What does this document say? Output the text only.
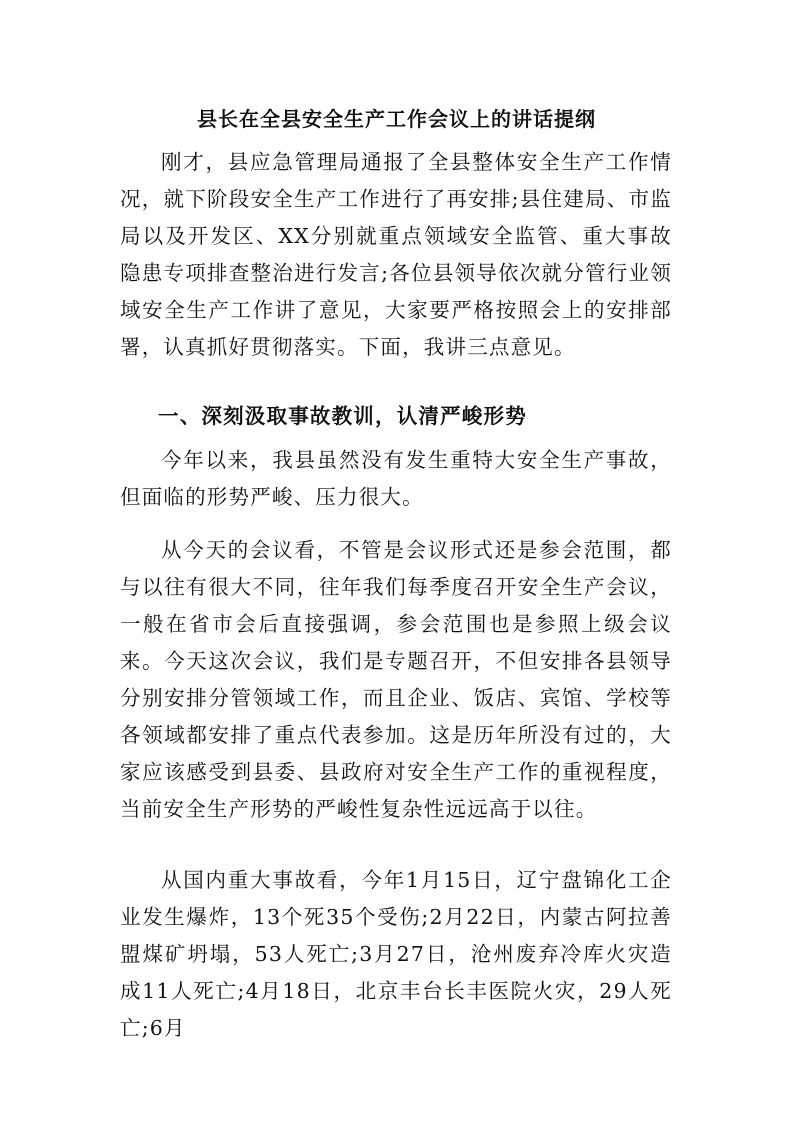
县长在全县安全生产工作会议上的讲话提纲
刚才，县应急管理局通报了全县整体安全生产工作情况，就下阶段安全生产工作进行了再安排;县住建局、市监局以及开发区、XX分别就重点领域安全监管、重大事故隐患专项排查整治进行发言;各位县领导依次就分管行业领域安全生产工作讲了意见，大家要严格按照会上的安排部署，认真抓好贯彻落实。下面，我讲三点意见。
一、深刻汲取事故教训，认清严峻形势
今年以来，我县虽然没有发生重特大安全生产事故，但面临的形势严峻、压力很大。
从今天的会议看，不管是会议形式还是参会范围，都与以往有很大不同，往年我们每季度召开安全生产会议，一般在省市会后直接强调，参会范围也是参照上级会议来。今天这次会议，我们是专题召开，不但安排各县领导分别安排分管领域工作，而且企业、饭店、宾馆、学校等各领域都安排了重点代表参加。这是历年所没有过的，大家应该感受到县委、县政府对安全生产工作的重视程度，当前安全生产形势的严峻性复杂性远远高于以往。
从国内重大事故看，今年1月15日，辽宁盘锦化工企业发生爆炸，13个死35个受伤;2月22日，内蒙古阿拉善盟煤矿坍塌，53人死亡;3月27日，沧州废弃冷库火灾造成11人死亡;4月18日，北京丰台长丰医院火灾，29人死亡;6月
